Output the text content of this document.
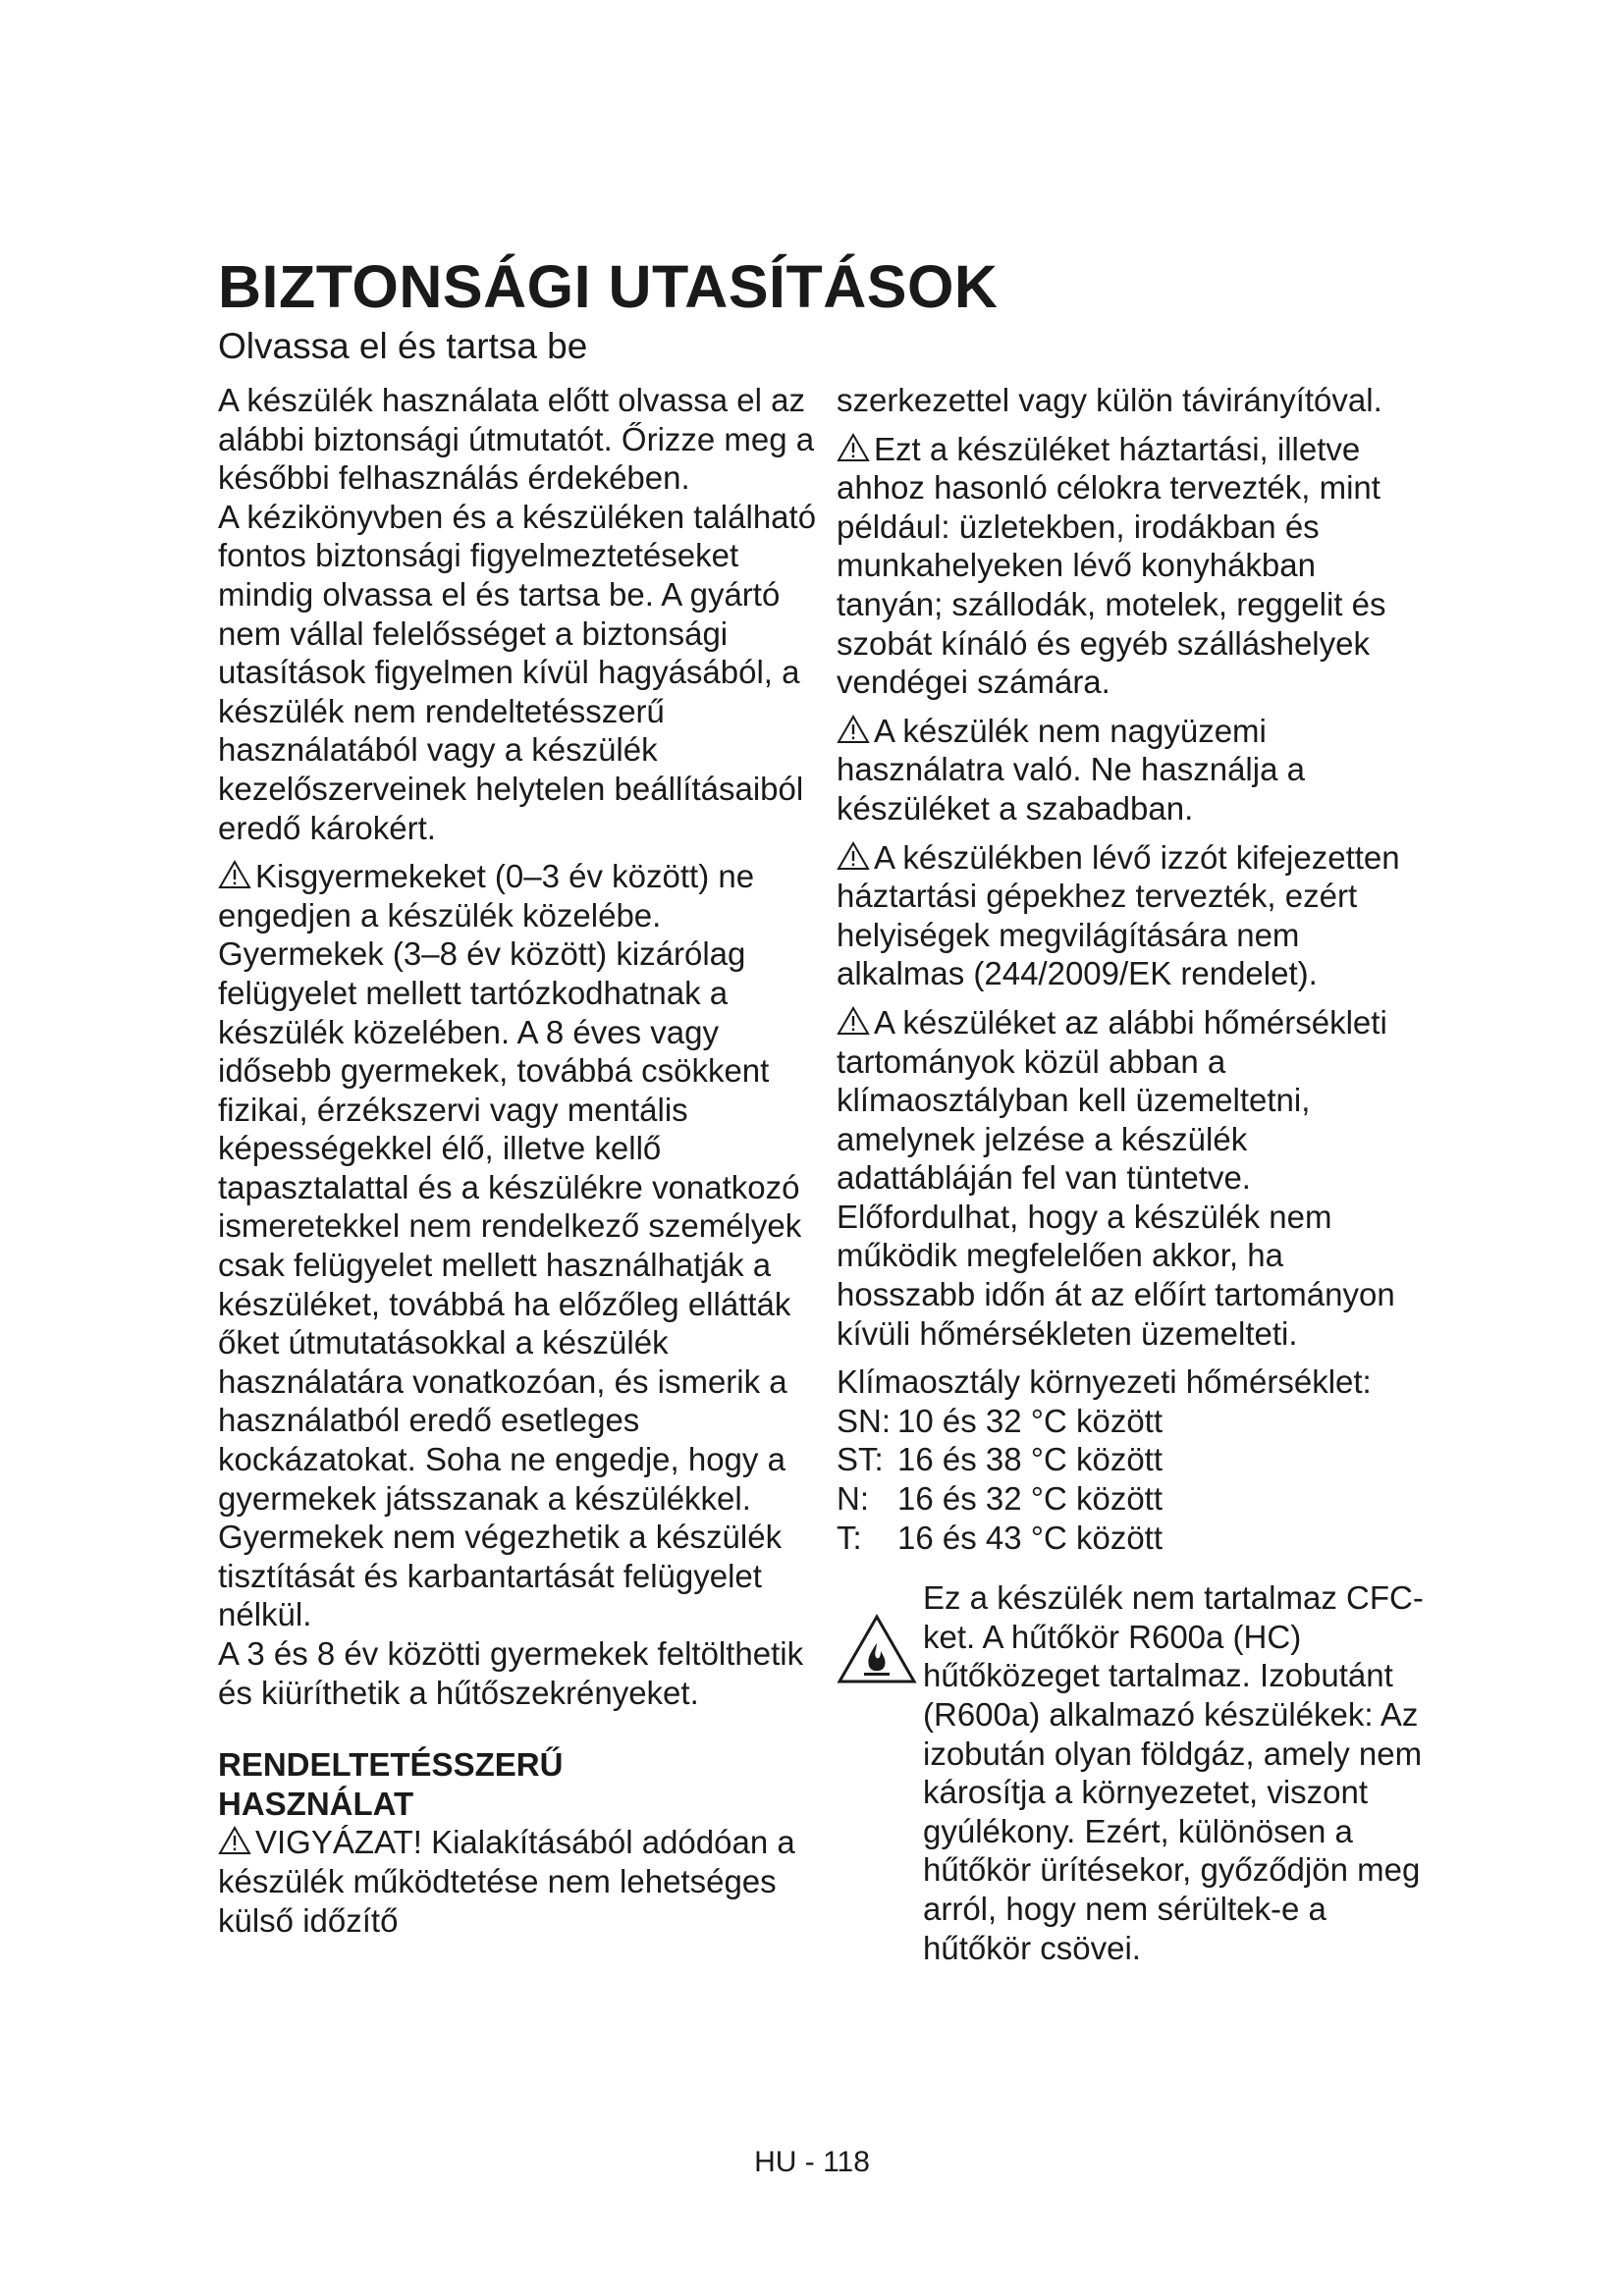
BIZTONSÁGI UTASÍTÁSOK
Olvassa el és tartsa be

A készülék használata előtt olvassa el az alábbi biztonsági útmutatót. Őrizze meg a későbbi felhasználás érdekében.

A kézikönyvben és a készüléken található fontos biztonsági figyelmeztetéseket mindig olvassa el és tartsa be. A gyártó nem vállal felelősséget a biztonsági utasítások figyelmen kívül hagyásából, a készülék nem rendeltetésszerű használatából vagy a készülék kezelőszerveinek helytelen beállításaiból eredő károkért.

Kisgyermekeket (0–3 év között) ne engedjen a készülék közelébe. Gyermekek (3–8 év között) kizárólag felügyelet mellett tartózkodhatnak a készülék közelében. A 8 éves vagy idősebb gyermekek, továbbá csökkent fizikai, érzékszervi vagy mentális képességekkel élő, illetve kellő tapasztalattal és a készülékre vonatkozó ismeretekkel nem rendelkező személyek csak felügyelet mellett használhatják a készüléket, továbbá ha előzőleg ellátták őket útmutatásokkal a készülék használatára vonatkozóan, és ismerik a használatból eredő esetleges kockázatokat. Soha ne engedje, hogy a gyermekek játsszanak a készülékkel. Gyermekek nem végezhetik a készülék tisztítását és karbantartását felügyelet nélkül.

A 3 és 8 év közötti gyermekek feltölthetik és kiüríthetik a hűtőszekrényeket.

RENDELTETÉSSZERŰ
HASZNÁLAT

VIGYÁZAT! Kialakításából adódóan a készülék működtetése nem lehetséges külső időzítő

szerkezettel vagy külön távirányítóval.

Ezt a készüléket háztartási, illetve ahhoz hasonló célokra tervezték, mint például: üzletekben, irodákban és munkahelyeken lévő konyhákban tanyán; szállodák, motelek, reggelit és szobát kínáló és egyéb szálláshelyek vendégei számára.

A készülék nem nagyüzemi használatra való. Ne használja a készüléket a szabadban.

A készülékben lévő izzót kifejezetten háztartási gépekhez tervezték, ezért helyiségek megvilágítására nem alkalmas (244/2009/EK rendelet).

A készüléket az alábbi hőmérsékleti tartományok közül abban a klímaosztályban kell üzemeltetni, amelynek jelzése a készülék adattábláján fel van tüntetve. Előfordulhat, hogy a készülék nem működik megfelelően akkor, ha hosszabb időn át az előírt tartományon kívüli hőmérsékleten üzemelteti.

Klímaosztály környezeti hőmérséklet:

SN: 10 és 32 °C között
ST: 16 és 38 °C között
N: 16 és 32 °C között
T: 16 és 43 °C között

Ez a készülék nem tartalmaz CFC-ket. A hűtőkör R600a (HC) hűtőközeget tartalmaz. Izobutánt (R600a) alkalmazó készülékek: Az izobután olyan földgáz, amely nem károsítja a környezetet, viszont gyúlékony. Ezért, különösen a hűtőkör ürítésekor, győződjön meg arról, hogy nem sérültek-e a hűtőkör csövei.

HU - 118
